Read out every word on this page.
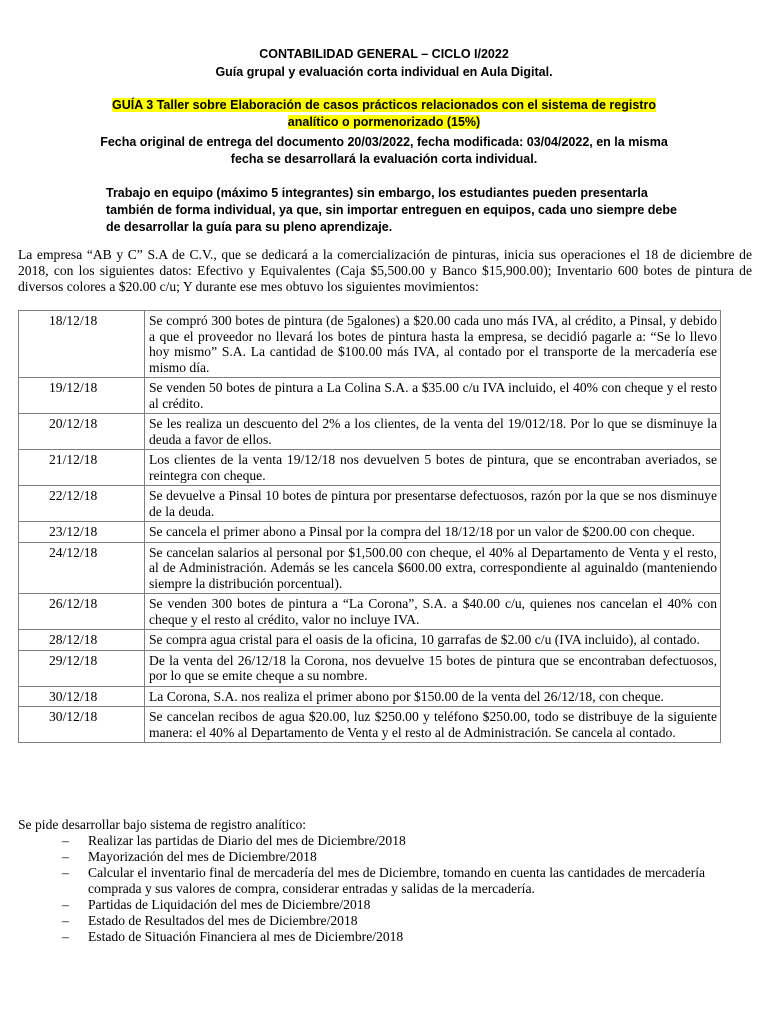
CONTABILIDAD GENERAL – CICLO I/2022
Guía grupal y evaluación corta individual en Aula Digital.
GUÍA 3 Taller sobre Elaboración de casos prácticos relacionados con el sistema de registro
analítico o pormenorizado (15%)
Fecha original de entrega del documento 20/03/2022, fecha modificada: 03/04/2022, en la misma
fecha se desarrollará la evaluación corta individual.
Trabajo en equipo (máximo 5 integrantes) sin embargo, los estudiantes pueden presentarla también de forma individual, ya que, sin importar entreguen en equipos, cada uno siempre debe de desarrollar la guía para su pleno aprendizaje.
La empresa “AB y C” S.A de C.V., que se dedicará a la comercialización de pinturas, inicia sus operaciones el 18 de diciembre de 2018, con los siguientes datos: Efectivo y Equivalentes (Caja $5,500.00 y Banco $15,900.00); Inventario 600 botes de pintura de diversos colores a $20.00 c/u; Y durante ese mes obtuvo los siguientes movimientos:
18/12/18	Se compró 300 botes de pintura (de 5galones) a $20.00 cada uno más IVA, al crédito, a Pinsal, y debido a que el proveedor no llevará los botes de pintura hasta la empresa, se decidió pagarle a: “Se lo llevo hoy mismo” S.A. La cantidad de $100.00 más IVA, al contado por el transporte de la mercadería ese mismo día.
19/12/18	Se venden 50 botes de pintura a La Colina S.A. a $35.00 c/u IVA incluido, el 40% con cheque y el resto al crédito.
20/12/18	Se les realiza un descuento del 2% a los clientes, de la venta del 19/012/18. Por lo que se disminuye la deuda a favor de ellos.
21/12/18	Los clientes de la venta 19/12/18 nos devuelven 5 botes de pintura, que se encontraban averiados, se reintegra con cheque.
22/12/18	Se devuelve a Pinsal 10 botes de pintura por presentarse defectuosos, razón por la que se nos disminuye de la deuda.
23/12/18	Se cancela el primer abono a Pinsal por la compra del 18/12/18 por un valor de $200.00 con cheque.
24/12/18	Se cancelan salarios al personal por $1,500.00 con cheque, el 40% al Departamento de Venta y el resto, al de Administración. Además se les cancela $600.00 extra, correspondiente al aguinaldo (manteniendo siempre la distribución porcentual).
26/12/18	Se venden 300 botes de pintura a “La Corona”, S.A. a $40.00 c/u, quienes nos cancelan el 40% con cheque y el resto al crédito, valor no incluye IVA.
28/12/18	Se compra agua cristal para el oasis de la oficina, 10 garrafas de $2.00 c/u (IVA incluido), al contado.
29/12/18	De la venta del 26/12/18 la Corona, nos devuelve 15 botes de pintura que se encontraban defectuosos, por lo que se emite cheque a su nombre.
30/12/18	La Corona, S.A. nos realiza el primer abono por $150.00 de la venta del 26/12/18, con cheque.
30/12/18	Se cancelan recibos de agua $20.00, luz $250.00 y teléfono $250.00, todo se distribuye de la siguiente manera: el 40% al Departamento de Venta y el resto al de Administración. Se cancela al contado.
Se pide desarrollar bajo sistema de registro analítico:
– Realizar las partidas de Diario del mes de Diciembre/2018
– Mayorización del mes de Diciembre/2018
– Calcular el inventario final de mercadería del mes de Diciembre, tomando en cuenta las cantidades de mercadería comprada y sus valores de compra, considerar entradas y salidas de la mercadería.
– Partidas de Liquidación del mes de Diciembre/2018
– Estado de Resultados del mes de Diciembre/2018
– Estado de Situación Financiera al mes de Diciembre/2018
